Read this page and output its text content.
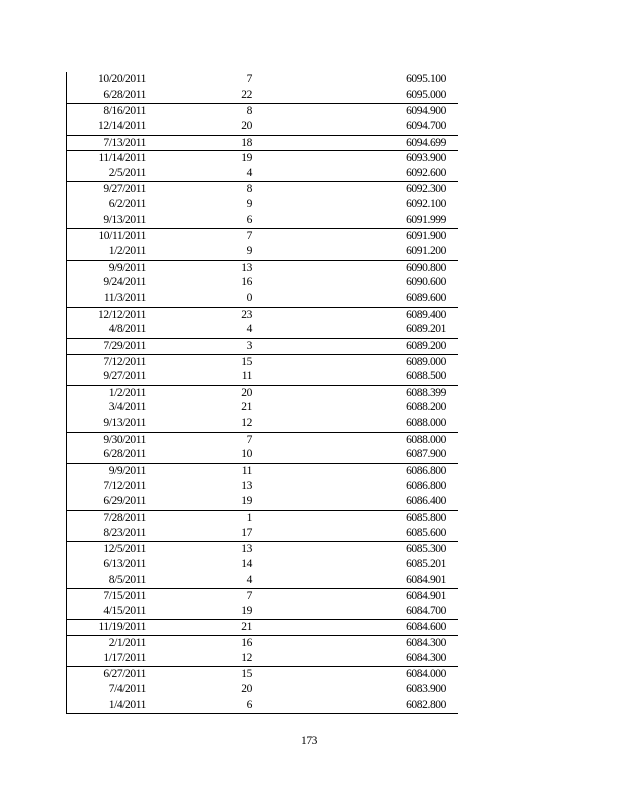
10/20/2011	7	6095.100
6/28/2011	22	6095.000
8/16/2011	8	6094.900
12/14/2011	20	6094.700
7/13/2011	18	6094.699
11/14/2011	19	6093.900
2/5/2011	4	6092.600
9/27/2011	8	6092.300
6/2/2011	9	6092.100
9/13/2011	6	6091.999
10/11/2011	7	6091.900
1/2/2011	9	6091.200
9/9/2011	13	6090.800
9/24/2011	16	6090.600
11/3/2011	0	6089.600
12/12/2011	23	6089.400
4/8/2011	4	6089.201
7/29/2011	3	6089.200
7/12/2011	15	6089.000
9/27/2011	11	6088.500
1/2/2011	20	6088.399
3/4/2011	21	6088.200
9/13/2011	12	6088.000
9/30/2011	7	6088.000
6/28/2011	10	6087.900
9/9/2011	11	6086.800
7/12/2011	13	6086.800
6/29/2011	19	6086.400
7/28/2011	1	6085.800
8/23/2011	17	6085.600
12/5/2011	13	6085.300
6/13/2011	14	6085.201
8/5/2011	4	6084.901
7/15/2011	7	6084.901
4/15/2011	19	6084.700
11/19/2011	21	6084.600
2/1/2011	16	6084.300
1/17/2011	12	6084.300
6/27/2011	15	6084.000
7/4/2011	20	6083.900
1/4/2011	6	6082.800
173
